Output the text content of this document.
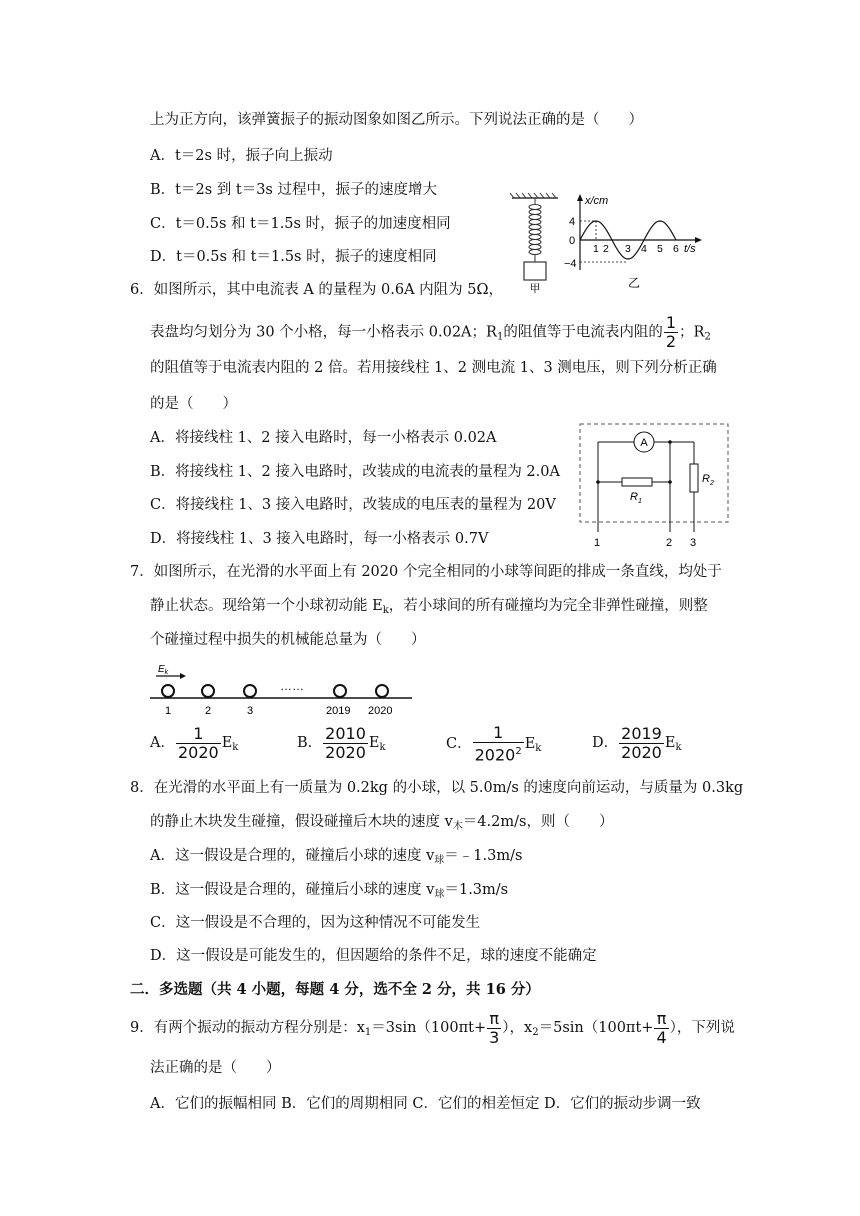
上为正方向，该弹簧振子的振动图象如图乙所示。下列说法正确的是（　　）
A．t＝2s 时，振子向上振动
B．t＝2s 到 t＝3s 过程中，振子的速度增大
C．t＝0.5s 和 t＝1.5s 时，振子的加速度相同
D．t＝0.5s 和 t＝1.5s 时，振子的速度相同
甲
x/cm
t/s
4
0
−4
1 2 3 4 5 6
乙
6．如图所示，其中电流表 A 的量程为 0.6A 内阻为 5Ω，
表盘均匀划分为 30 个小格，每一小格表示 0.02A；$R_1$的阻值等于电流表内阻的 $\frac{1}{2}$ ；$R_2$
的阻值等于电流表内阻的 2 倍。若用接线柱 1、2 测电流 1、3 测电压，则下列分析正确
的是（　　）
A．将接线柱 1、2 接入电路时，每一小格表示 0.02A
B．将接线柱 1、2 接入电路时，改装成的电流表的量程为 2.0A
C．将接线柱 1、3 接入电路时，改装成的电压表的量程为 20V
D．将接线柱 1、3 接入电路时，每一小格表示 0.7V
A
$R_1$
$R_2$
1	2 3
7．如图所示，在光滑的水平面上有 2020 个完全相同的小球等间距的排成一条直线，均处于
静止状态。现给第一个小球初动能 $E_k$，若小球间的所有碰撞均为完全非弹性碰撞，则整
个碰撞过程中损失的机械能总量为（　　）
$E_k$
……
1	2	3	2019 2020
A． $\frac{1}{2020} E_k$	B． $\frac{2010}{2020} E_k$	C． $\frac{1}{2020^2} E_k$	D． $\frac{2019}{2020} E_k$
8．在光滑的水平面上有一质量为 0.2kg 的小球，以 5.0m/s 的速度向前运动，与质量为 0.3kg
的静止木块发生碰撞，假设碰撞后木块的速度 $v_木=4.2m/s$，则（　　）
A．这一假设是合理的，碰撞后小球的速度 $v_球=﹣1.3m/s$
B．这一假设是合理的，碰撞后小球的速度 $v_球=1.3m/s$
C．这一假设是不合理的，因为这种情况不可能发生
D．这一假设是可能发生的，但因题给的条件不足，球的速度不能确定
二．多选题（共 4 小题，每题 4 分，选不全 2 分，共 16 分）
9．有两个振动的振动方程分别是：$x_1=3\sin(100\pi t+ \frac{\pi}{3}$ ），$x_2=5\sin(100\pi t+ \frac{\pi}{4}$ ），下列说
法正确的是（　　）
A．它们的振幅相同 B．它们的周期相同 C．它们的相差恒定 D．它们的振动步调一致
